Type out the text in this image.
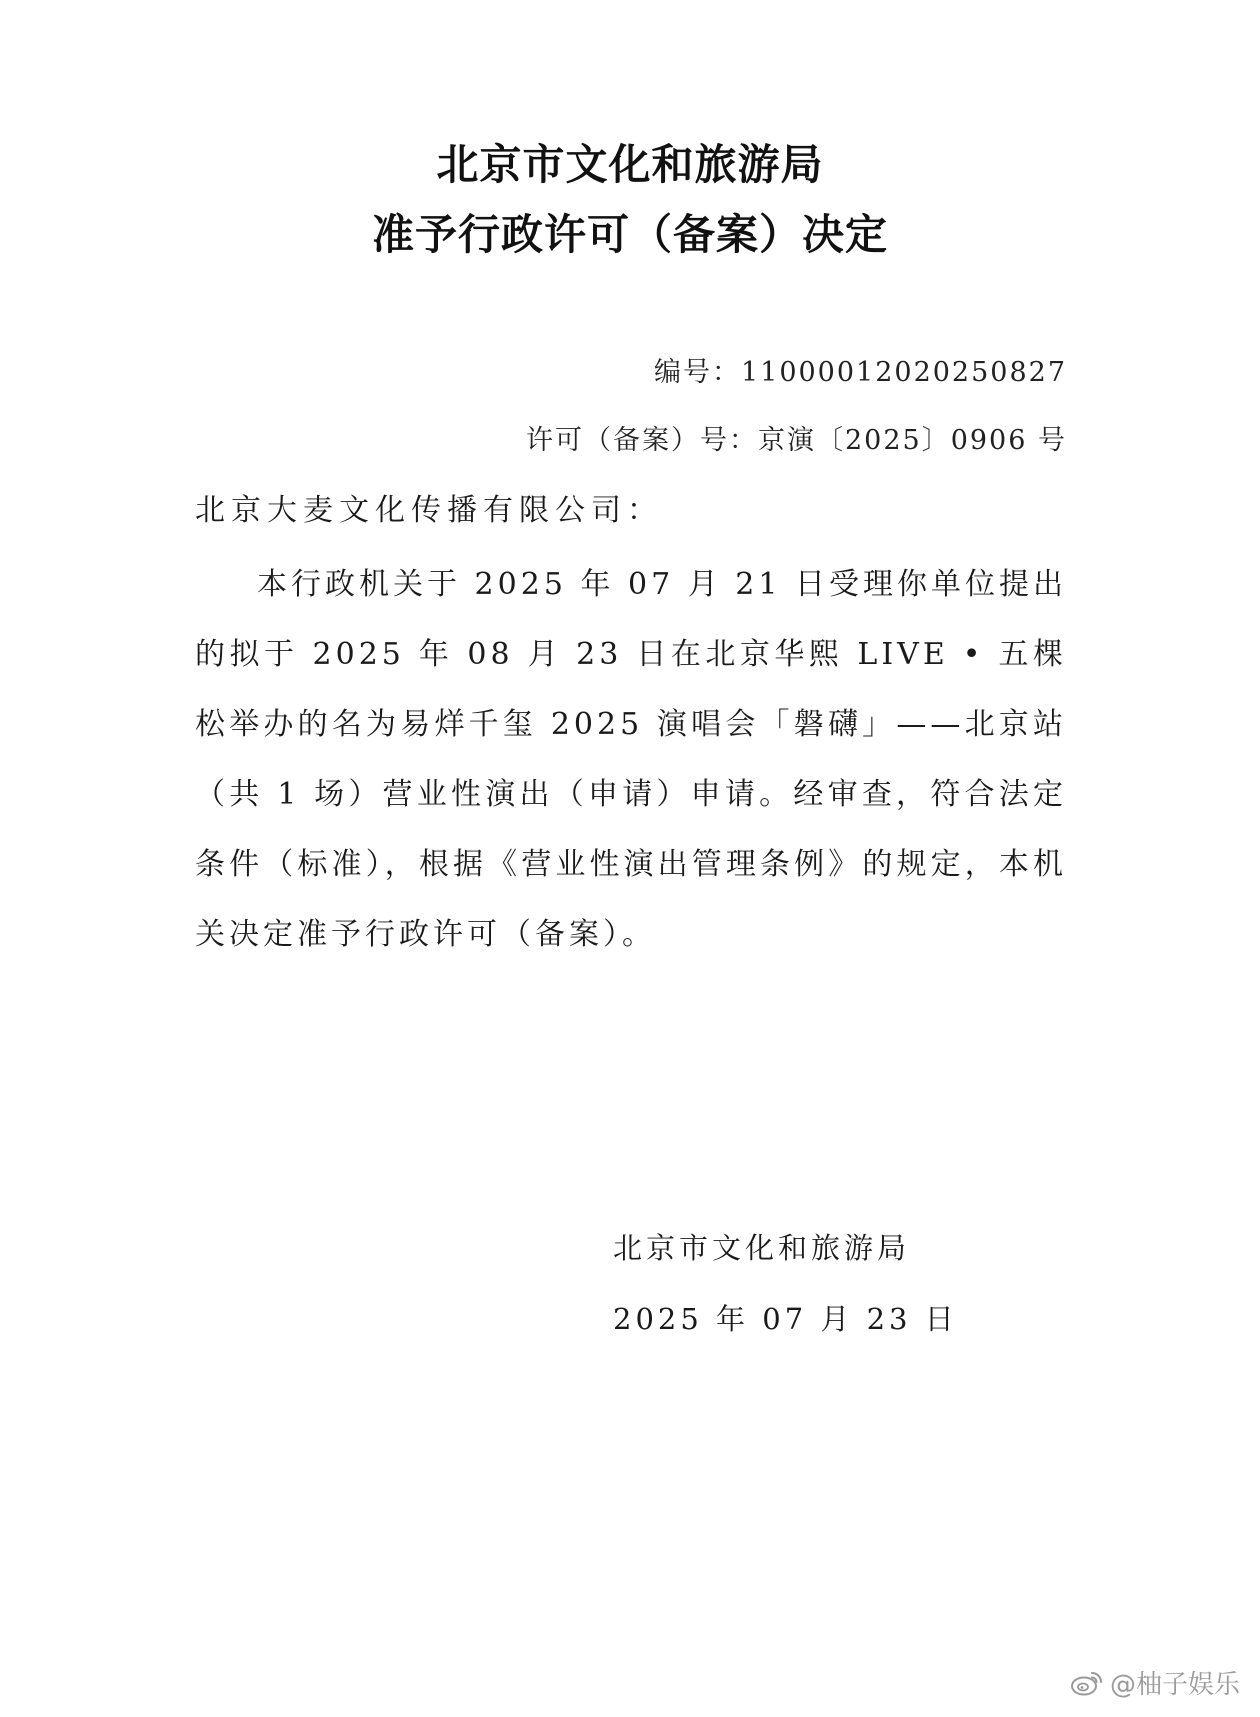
北京市文化和旅游局
准予行政许可（备案）决定
编号：11000012020250827
许可（备案）号：京演〔2025〕0906 号
北京大麦文化传播有限公司：
本行政机关于 2025 年 07 月 21 日受理你单位提出的拟于 2025 年 08 月 23 日在北京华熙 LIVE • 五棵松举办的名为易烊千玺 2025 演唱会「磐礴」——北京站（共 1 场）营业性演出（申请）申请。经审查，符合法定条件（标准），根据《营业性演出管理条例》的规定，本机关决定准予行政许可（备案）。
北京市文化和旅游局
2025 年 07 月 23 日
@柚子娱乐
